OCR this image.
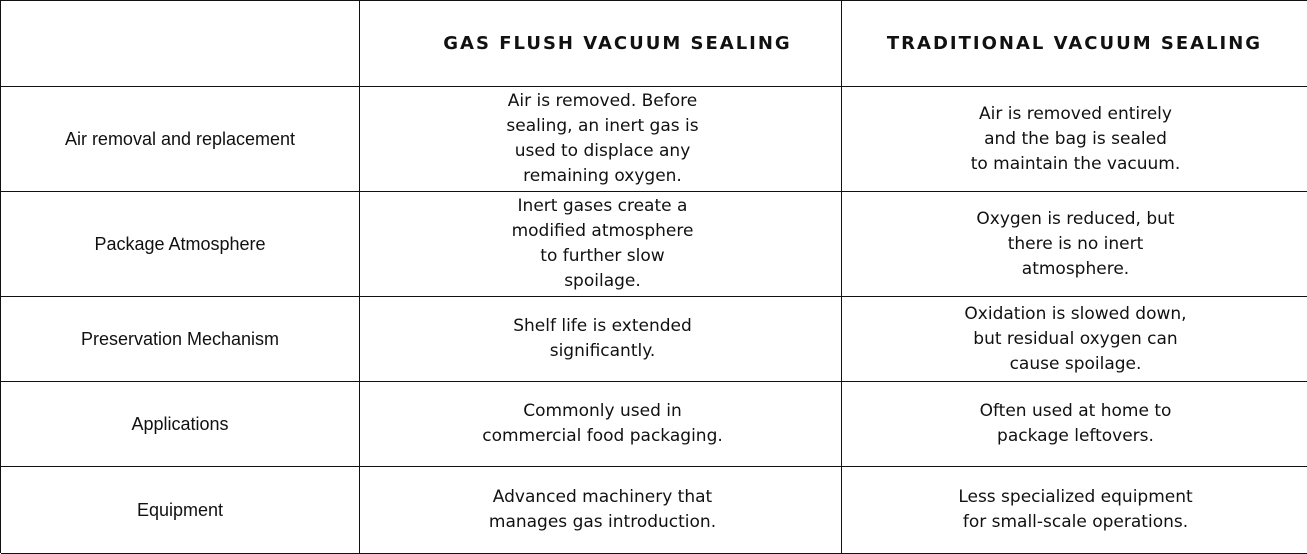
GAS FLUSH VACUUM SEALING	TRADITIONAL VACUUM SEALING
Air removal and replacement
Air is removed. Before
sealing, an inert gas is
used to displace any
remaining oxygen.
Air is removed entirely
and the bag is sealed
to maintain the vacuum.
Package Atmosphere
Inert gases create a
modified atmosphere
to further slow
spoilage.
Oxygen is reduced, but
there is no inert
atmosphere.
Preservation Mechanism
Shelf life is extended
significantly.
Oxidation is slowed down,
but residual oxygen can
cause spoilage.
Applications
Commonly used in
commercial food packaging.
Often used at home to
package leftovers.
Equipment
Advanced machinery that
manages gas introduction.
Less specialized equipment
for small-scale operations.
